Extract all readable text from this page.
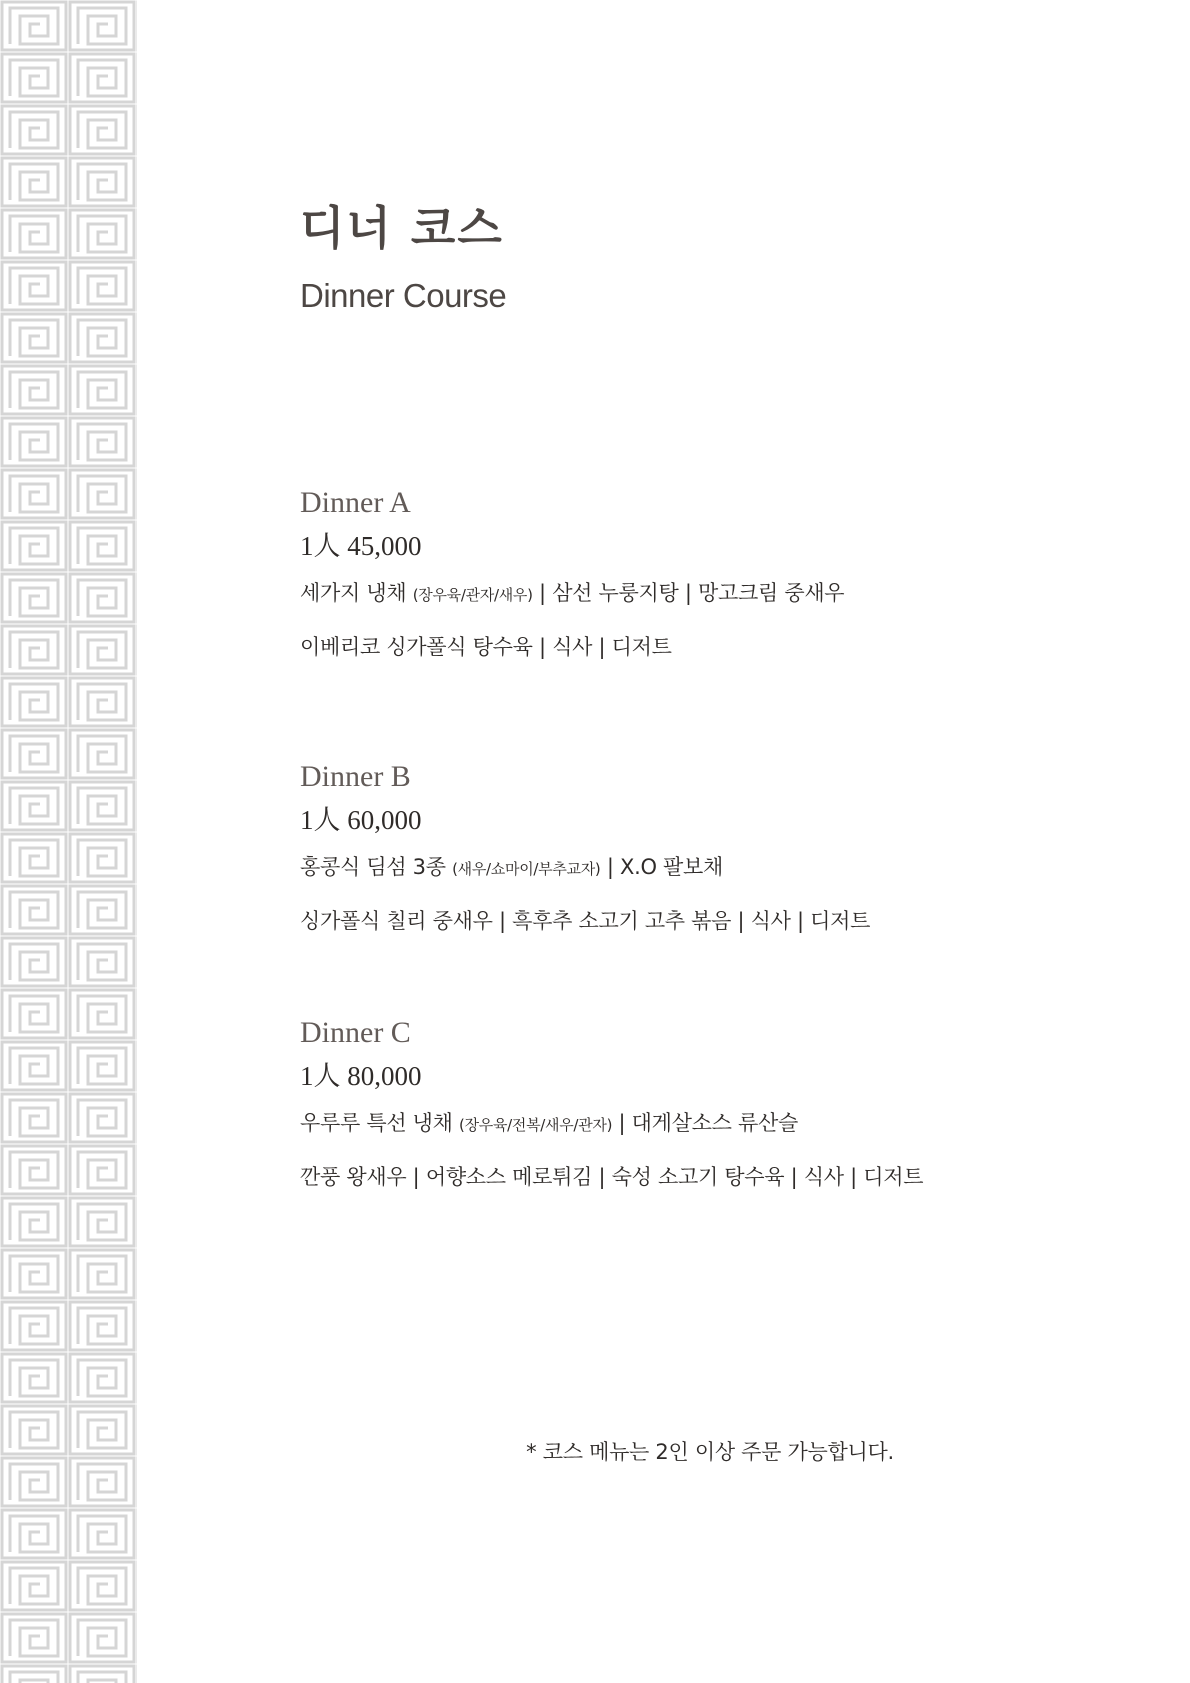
디너 코스
Dinner Course
Dinner A
1人 45,000
세가지 냉채 (장우육/관자/새우) | 삼선 누룽지탕 | 망고크림 중새우
이베리코 싱가폴식 탕수육 | 식사 | 디저트
Dinner B
1人 60,000
홍콩식 딤섬 3종 (새우/쇼마이/부추교자) | X.O 팔보채
싱가폴식 칠리 중새우 | 흑후추 소고기 고추 볶음 | 식사 | 디저트
Dinner C
1人 80,000
우루루 특선 냉채 (장우육/전복/새우/관자) | 대게살소스 류산슬
깐풍 왕새우 | 어향소스 메로튀김 | 숙성 소고기 탕수육 | 식사 | 디저트
* 코스 메뉴는 2인 이상 주문 가능합니다.
